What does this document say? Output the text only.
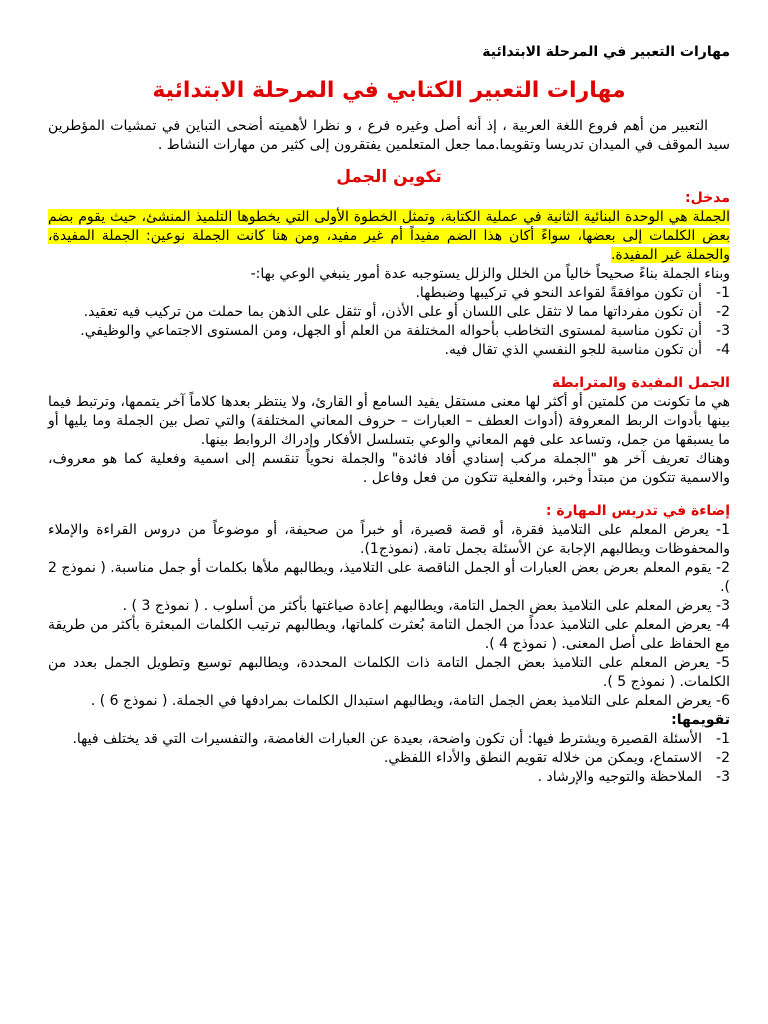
مهارات التعبير في المرحلة الابتدائية
مهارات التعبير الكتابي في المرحلة الابتدائية

التعبير من أهم فروع اللغة العربية ، إذ أنه أصل وغيره فرع ، و نظرا لأهميته أضحى التباين في تمشيات المؤطرين سيد الموقف في الميدان تدريسا وتقويما.مما جعل المتعلمين يفتقرون إلى كثير من مهارات النشاط .

تكوين الجمل
مدخل:

الجملة هي الوحدة البنائية الثانية في عملية الكتابة، وتمثل الخطوة الأولى التي يخطوها التلميذ المنشئ، حيث يقوم بضم بعض الكلمات إلى بعضها، سواءً أكان هذا الضم مفيداً أم غير مفيد، ومن هنا كانت الجملة نوعين: الجملة المفيدة، والجملة غير المفيدة.

وبناء الجملة بناءً صحيحاً خالياً من الخلل والزلل يستوجبه عدة أمور ينبغي الوعي بها:-

1-
أن تكون موافقةً لقواعد النحو في تركيبها وضبطها.
2-
أن تكون مفرداتها مما لا تثقل على اللسان أو على الأذن، أو تثقل على الذهن بما حملت من تركيب فيه تعقيد.
3-
أن تكون مناسبة لمستوى التخاطب بأحواله المختلفة من العلم أو الجهل، ومن المستوى الاجتماعي والوظيفي.
4-
أن تكون مناسبة للجو النفسي الذي تقال فيه.
الجمل المفيدة والمترابطة

هي ما تكونت من كلمتين أو أكثر لها معنى مستقل يفيد السامع أو القارئ، ولا ينتظر بعدها كلاماً آخر يتممها، وترتبط فيما بينها بأدوات الربط المعروفة (أدوات العطف – العبارات – حروف المعاني المختلفة) والتي تصل بين الجملة وما يليها أو ما يسبقها من جمل، وتساعد على فهم المعاني والوعي بتسلسل الأفكار وإدراك الروابط بينها.

وهناك تعريف آخر هو "الجملة مركب إسنادي أفاد فائدة" والجملة نحوياً تنقسم إلى اسمية وفعلية كما هو معروف، والاسمية تتكون من مبتدأ وخبر، والفعلية تتكون من فعل وفاعل .

إضاءة في تدريس المهارة :

1- يعرض المعلم على التلاميذ فقرة، أو قصة قصيرة، أو خبراً من صحيفة، أو موضوعاً من دروس القراءة والإملاء والمحفوظات ويطالبهم الإجابة عن الأسئلة بجمل تامة. (نموذج1).

2- يقوم المعلم بعرض بعض العبارات أو الجمل الناقصة على التلاميذ، ويطالبهم ملأها بكلمات أو جمل مناسبة. ( نموذج 2 ).

3- يعرض المعلم على التلاميذ بعض الجمل التامة، ويطالبهم إعادة صياغتها بأكثر من أسلوب . ( نموذج 3 ) .

4- يعرض المعلم على التلاميذ عدداً من الجمل التامة بُعثرت كلماتها، ويطالبهم ترتيب الكلمات المبعثرة بأكثر من طريقة مع الحفاظ على أصل المعنى. ( نموذج 4 ).

5- يعرض المعلم على التلاميذ بعض الجمل التامة ذات الكلمات المحددة، ويطالبهم توسيع وتطويل الجمل بعدد من الكلمات. ( نموذج 5 ).

6- يعرض المعلم على التلاميذ بعض الجمل التامة، ويطالبهم استبدال الكلمات بمرادفها في الجملة. ( نموذج 6 ) .

تقويمها:
1-
الأسئلة القصيرة ويشترط فيها: أن تكون واضحة، بعيدة عن العبارات الغامضة، والتفسيرات التي قد يختلف فيها.
2-
الاستماع، ويمكن من خلاله تقويم النطق والأداء اللفظي.
3-
الملاحظة والتوجيه والإرشاد .
